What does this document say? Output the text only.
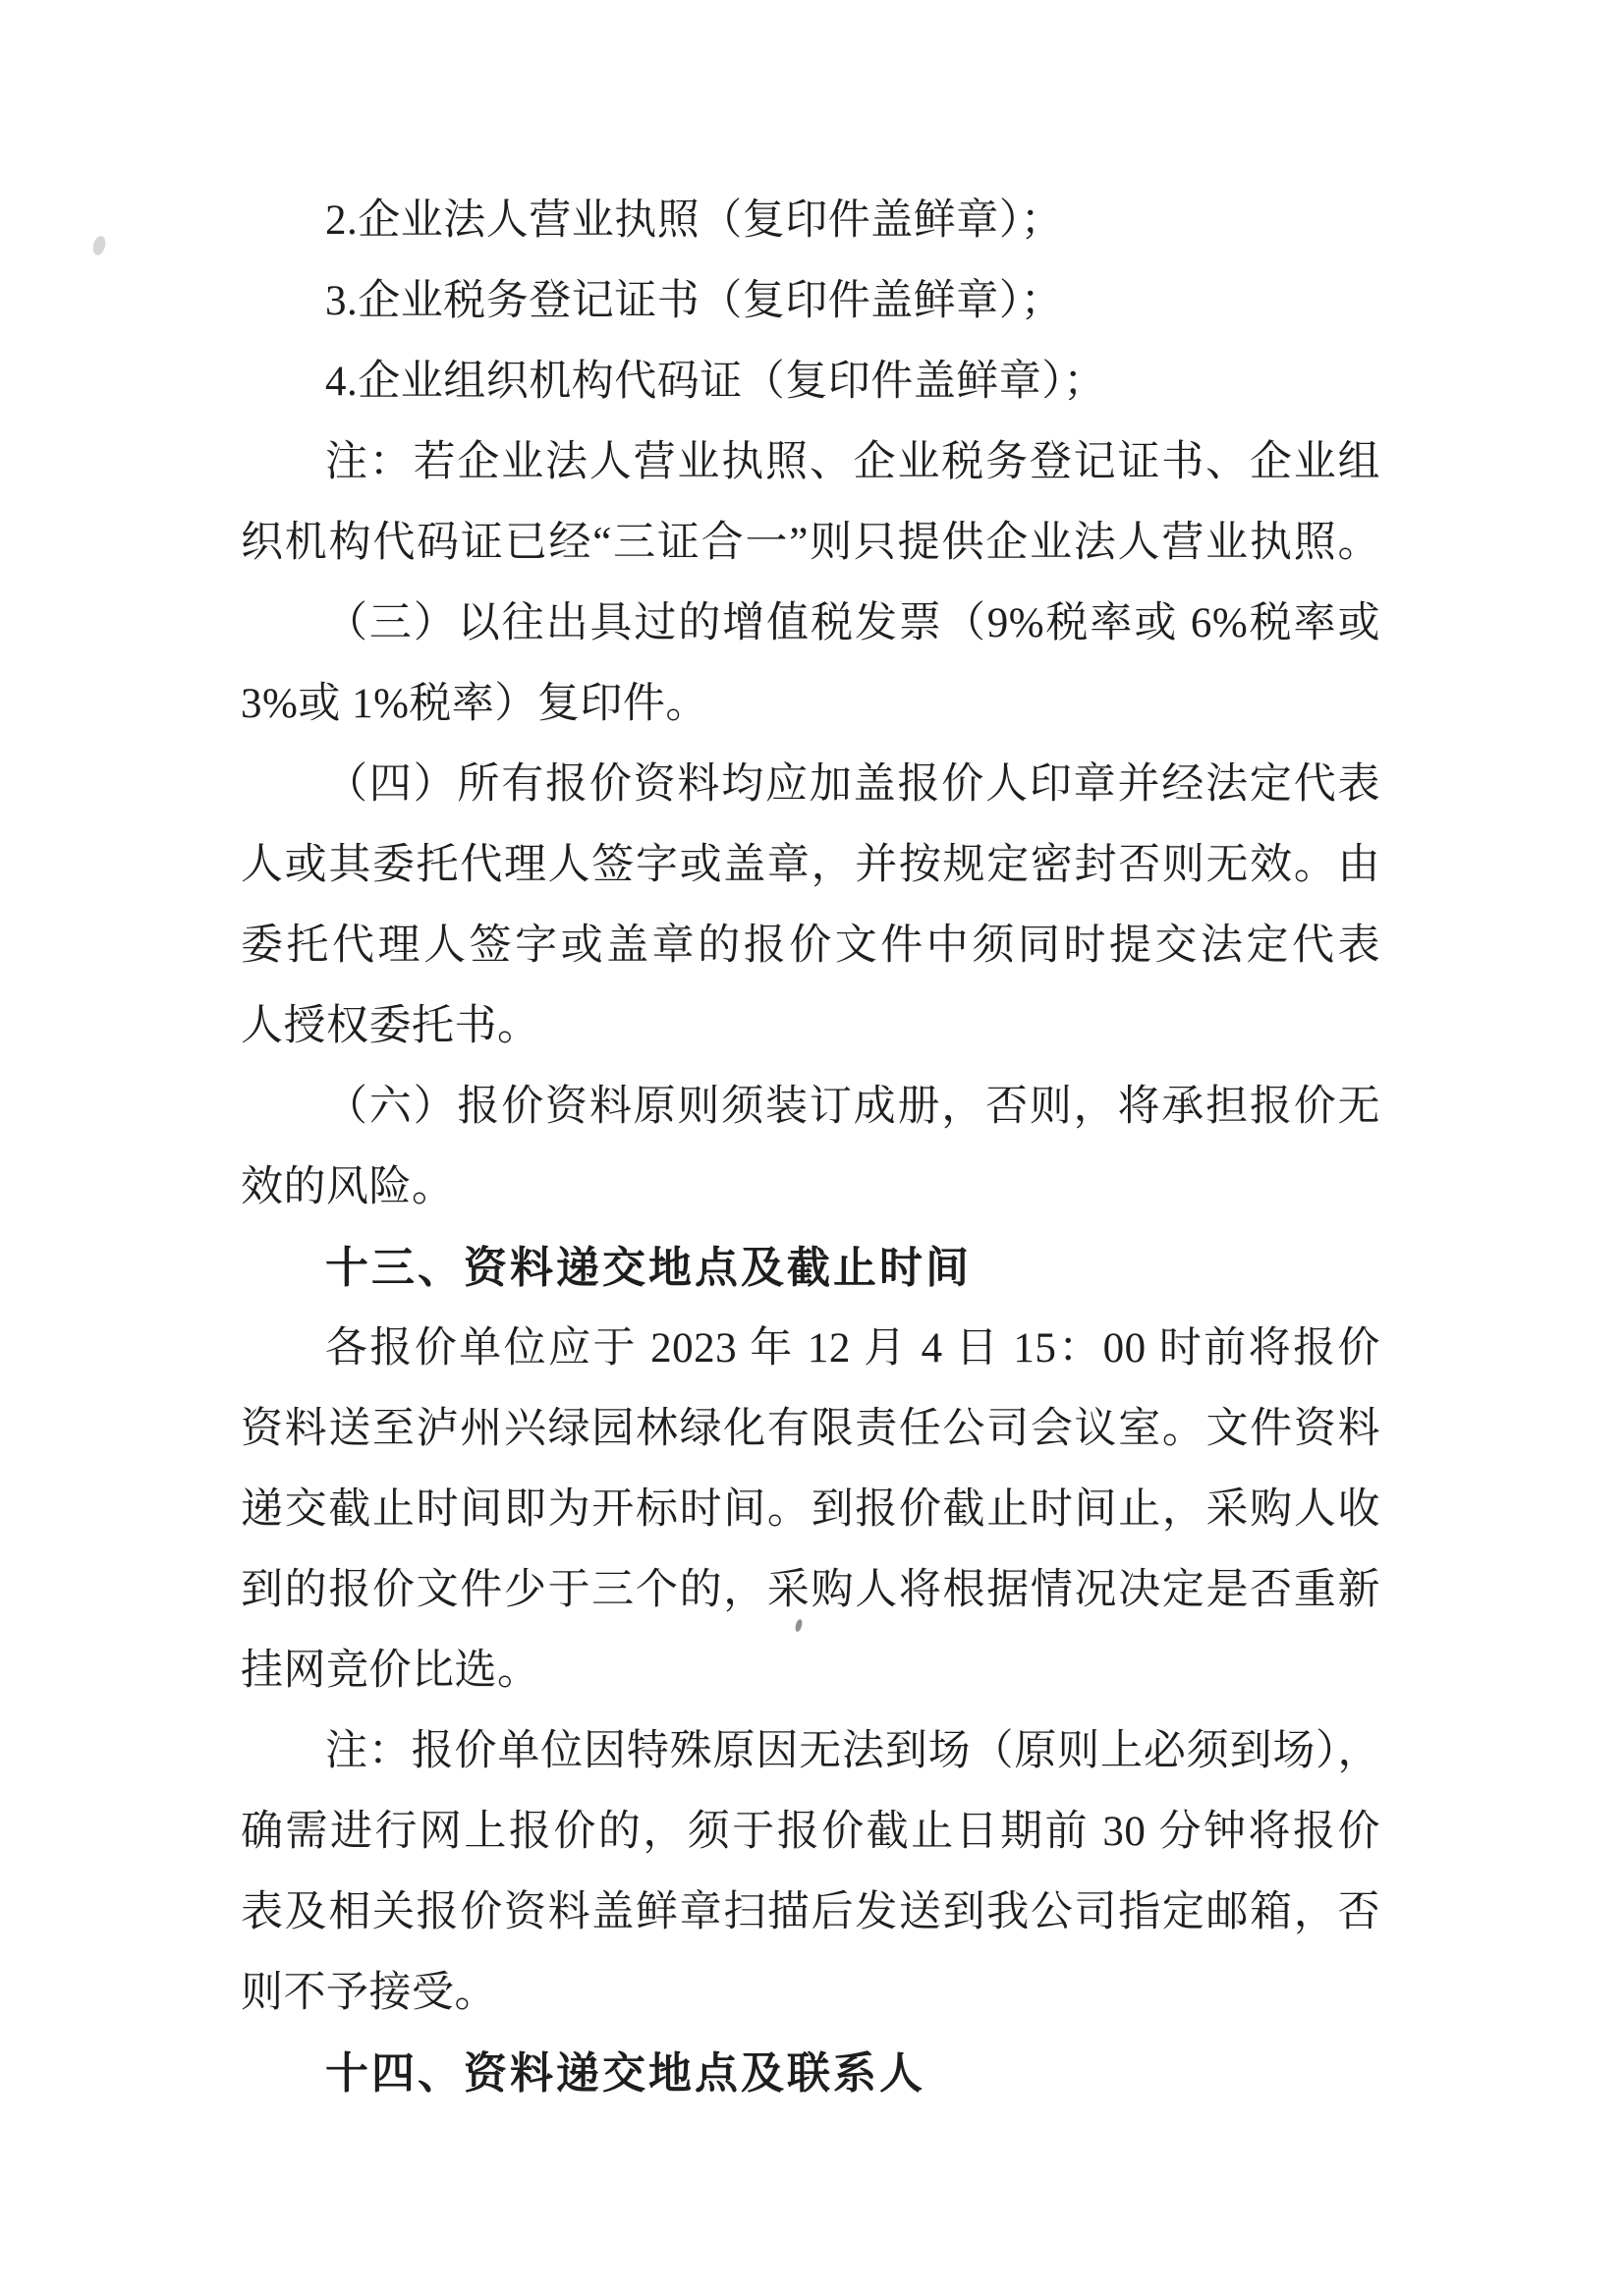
2.企业法人营业执照（复印件盖鲜章）；
3.企业税务登记证书（复印件盖鲜章）；
4.企业组织机构代码证（复印件盖鲜章）；
注：若企业法人营业执照、企业税务登记证书、企业组
织机构代码证已经“三证合一”则只提供企业法人营业执照。
（三）以往出具过的增值税发票（9%税率或 6%税率或
3%或 1%税率）复印件。
（四）所有报价资料均应加盖报价人印章并经法定代表
人或其委托代理人签字或盖章，并按规定密封否则无效。由
委托代理人签字或盖章的报价文件中须同时提交法定代表
人授权委托书。
（六）报价资料原则须装订成册，否则，将承担报价无
效的风险。
十三、资料递交地点及截止时间
各报价单位应于 2023 年 12 月 4 日 15：00 时前将报价
资料送至泸州兴绿园林绿化有限责任公司会议室。文件资料
递交截止时间即为开标时间。到报价截止时间止，采购人收
到的报价文件少于三个的，采购人将根据情况决定是否重新
挂网竞价比选。
注：报价单位因特殊原因无法到场（原则上必须到场），
确需进行网上报价的，须于报价截止日期前 30 分钟将报价
表及相关报价资料盖鲜章扫描后发送到我公司指定邮箱，否
则不予接受。
十四、资料递交地点及联系人
